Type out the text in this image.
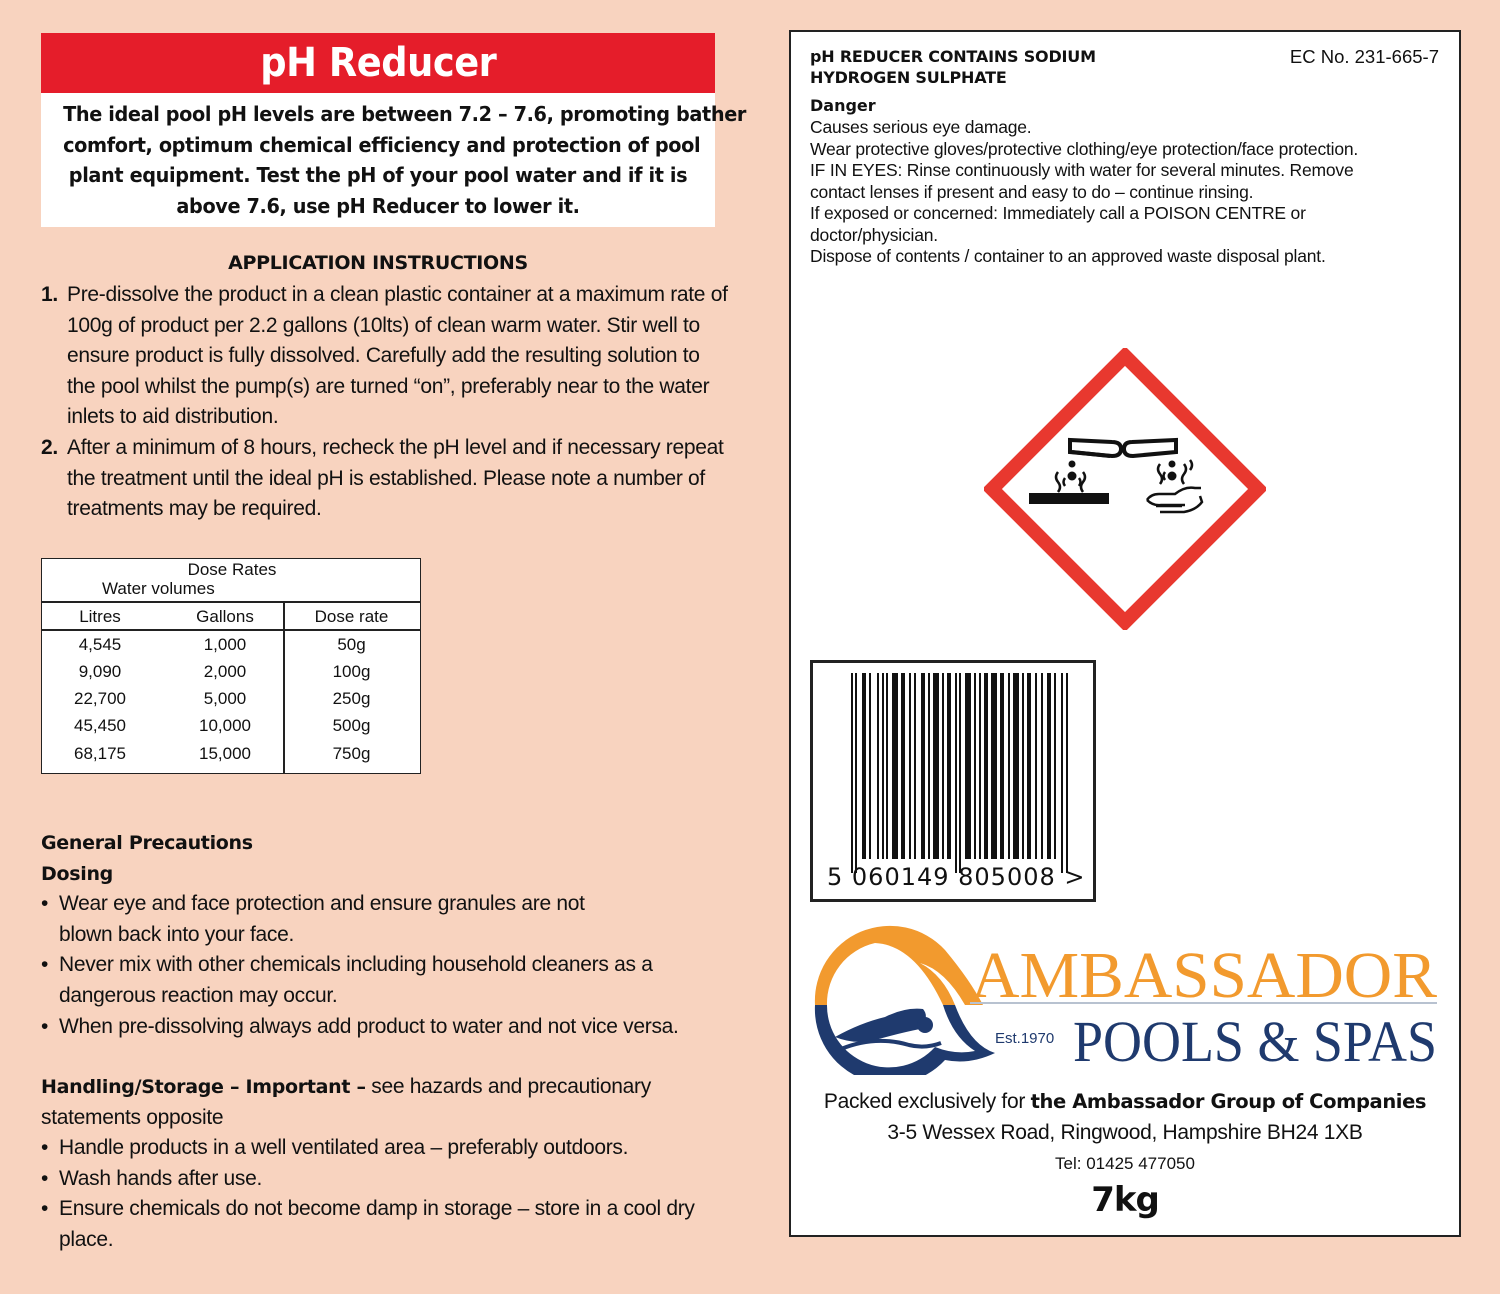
pH Reducer

The ideal pool pH levels are between 7.2 – 7.6, promoting bather

comfort, optimum chemical efficiency and protection of pool

plant equipment. Test the pH of your pool water and if it is

above 7.6, use pH Reducer to lower it.

APPLICATION INSTRUCTIONS
1. Pre-dissolve the product in a clean plastic container at a maximum rate of 100g of product per 2.2 gallons (10lts) of clean warm water. Stir well to ensure product is fully dissolved. Carefully add the resulting solution to the pool whilst the pump(s) are turned “on”, preferably near to the water inlets to aid distribution.
2. After a minimum of 8 hours, recheck the pH level and if necessary repeat the treatment until the ideal pH is established. Please note a number of treatments may be required.
Dose Rates
Water volumes
Litres	Gallons	Dose rate
4,545	1,000	50g
9,090	2,000	100g
22,700	5,000	250g
45,450	10,000	500g
68,175	15,000	750g
General Precautions
Dosing
• Wear eye and face protection and ensure granules are not blown back into your face.
• Never mix with other chemicals including household cleaners as a dangerous reaction may occur.
• When pre-dissolving always add product to water and not vice versa.

Handling/Storage – Important – see hazards and precautionary statements opposite

• Handle products in a well ventilated area – preferably outdoors.
• Wash hands after use.
• Ensure chemicals do not become damp in storage – store in a cool dry place.
pH REDUCER CONTAINS SODIUM
HYDROGEN SULPHATE
EC No. 231-665-7
Danger
Causes serious eye damage.
Wear protective gloves/protective clothing/eye protection/face protection.
IF IN EYES: Rinse continuously with water for several minutes. Remove
contact lenses if present and easy to do – continue rinsing.
If exposed or concerned: Immediately call a POISON CENTRE or
doctor/physician.
Dispose of contents / container to an approved waste disposal plant.
5 060149 805008 >
AMBASSADOR
Est.1970 POOLS & SPAS
Packed exclusively for the Ambassador Group of Companies
3-5 Wessex Road, Ringwood, Hampshire BH24 1XB
Tel: 01425 477050
7kg
